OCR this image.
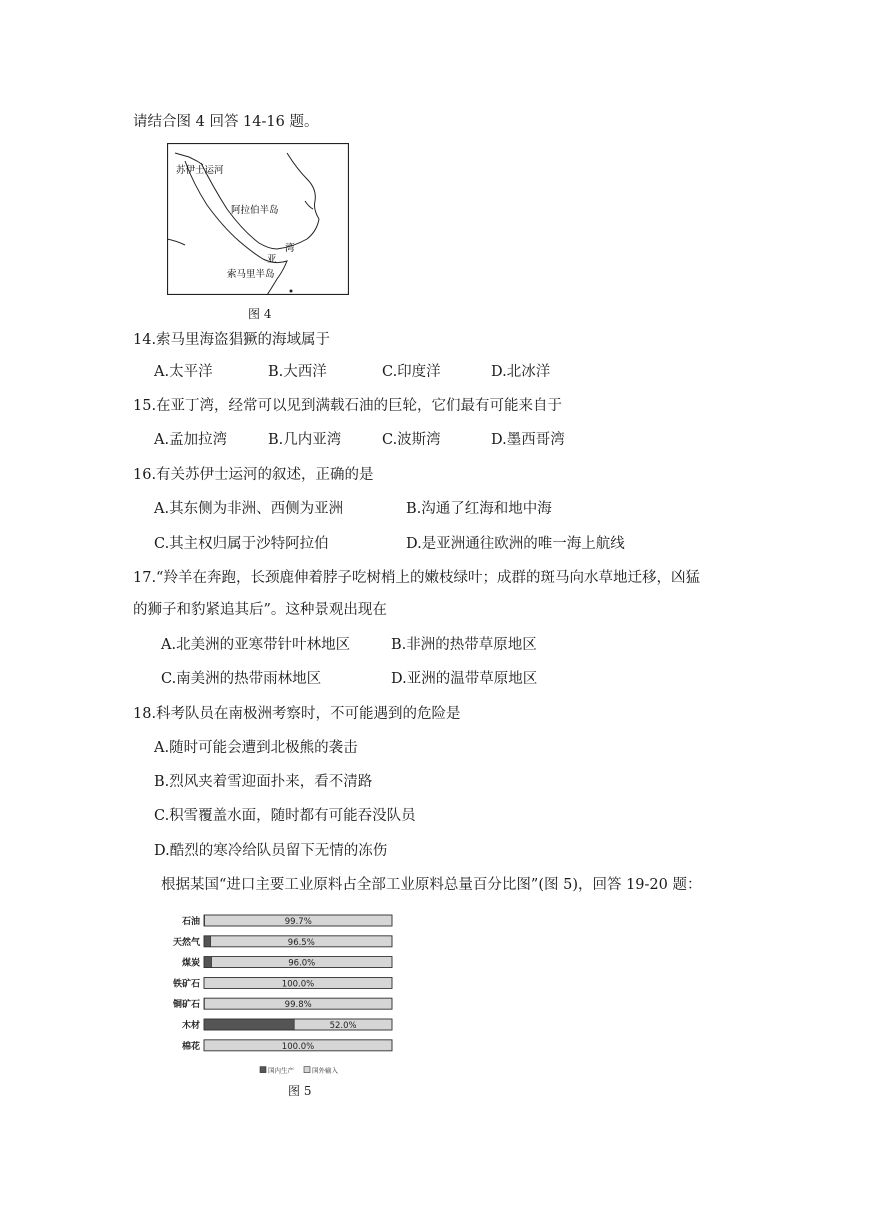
请结合图 4 回答 14-16 题。
苏伊士运河
阿拉伯半岛
湾
亚
索马里半岛
图 4
14.索马里海盗猖獗的海域属于
A.太平洋	B.大西洋	C.印度洋	D.北冰洋
15.在亚丁湾，经常可以见到满载石油的巨轮，它们最有可能来自于
A.孟加拉湾	B.几内亚湾	C.波斯湾	D.墨西哥湾
16.有关苏伊士运河的叙述，正确的是
A.其东侧为非洲、西侧为亚洲	B.沟通了红海和地中海
C.其主权归属于沙特阿拉伯	D.是亚洲通往欧洲的唯一海上航线
17.“羚羊在奔跑，长颈鹿伸着脖子吃树梢上的嫩枝绿叶；成群的斑马向水草地迁移，凶猛
的狮子和豹紧追其后”。这种景观出现在
A.北美洲的亚寒带针叶林地区	B.非洲的热带草原地区
C.南美洲的热带雨林地区	D.亚洲的温带草原地区
18.科考队员在南极洲考察时，不可能遇到的危险是
A.随时可能会遭到北极熊的袭击
B.烈风夹着雪迎面扑来，看不清路
C.积雪覆盖水面，随时都有可能吞没队员
D.酷烈的寒冷给队员留下无情的冻伤
根据某国“进口主要工业原料占全部工业原料总量百分比图”(图 5)，回答 19-20 题：
石油	99.7%
天然气	96.5%
煤炭	96.0%
铁矿石	100.0%
铜矿石	99.8%
木材	52.0%
棉花	100.0%
国内生产	国外输入
图 5
